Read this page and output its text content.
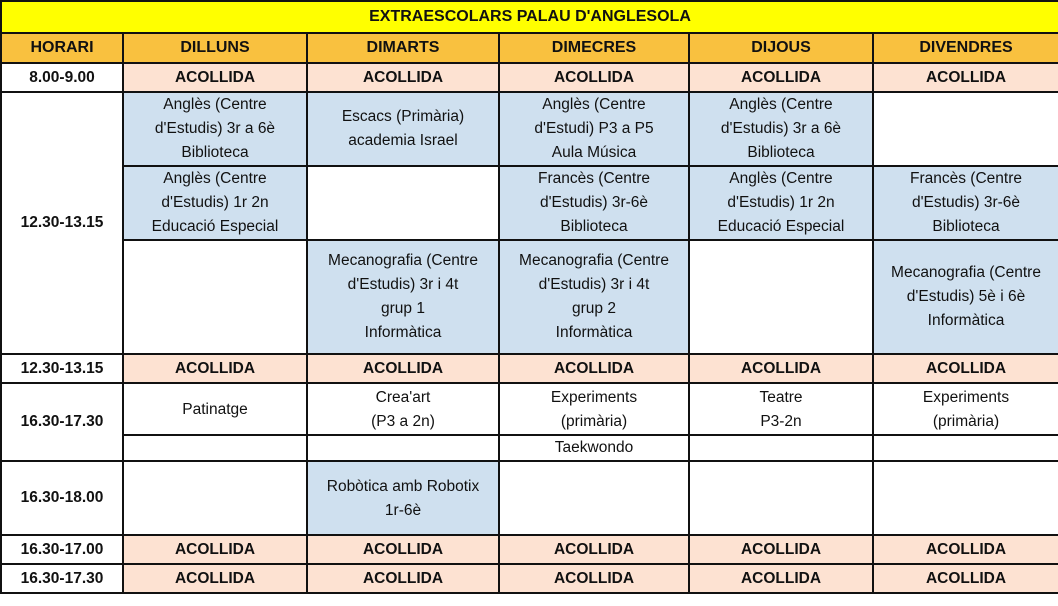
EXTRAESCOLARS PALAU D'ANGLESOLA					
HORARI	DILLUNS	DIMARTS	DIMECRES	DIJOUS	DIVENDRES
8.00-9.00	ACOLLIDA	ACOLLIDA	ACOLLIDA	ACOLLIDA	ACOLLIDA
12.30-13.15	Anglès (Centre
d'Estudis) 3r a 6è
Biblioteca	Escacs (Primària)
academia Israel	Anglès (Centre
d'Estudi) P3 a P5
Aula Música	Anglès (Centre
d'Estudis) 3r a 6è
Biblioteca	

	Anglès (Centre
d'Estudis) 1r 2n
Educació Especial		Francès (Centre
d'Estudis) 3r-6è
Biblioteca	Anglès (Centre
d'Estudis) 1r 2n
Educació Especial	Francès (Centre
d'Estudis) 3r-6è
Biblioteca

		Mecanografia (Centre
d'Estudis) 3r i 4t
grup 1
Informàtica	Mecanografia (Centre
d'Estudis) 3r i 4t
grup 2
Informàtica		Mecanografia (Centre
d'Estudis) 5è i 6è
Informàtica

12.30-13.15	ACOLLIDA	ACOLLIDA	ACOLLIDA	ACOLLIDA	ACOLLIDA
16.30-17.30	Patinatge	Crea'art
(P3 a 2n)	Experiments
(primària)	Teatre
P3-2n	Experiments
(primària)

			Taekwondo		
16.30-18.00		Robòtica amb Robotix
1r-6è			

16.30-17.00	ACOLLIDA	ACOLLIDA	ACOLLIDA	ACOLLIDA	ACOLLIDA
16.30-17.30	ACOLLIDA	ACOLLIDA	ACOLLIDA	ACOLLIDA	ACOLLIDA
